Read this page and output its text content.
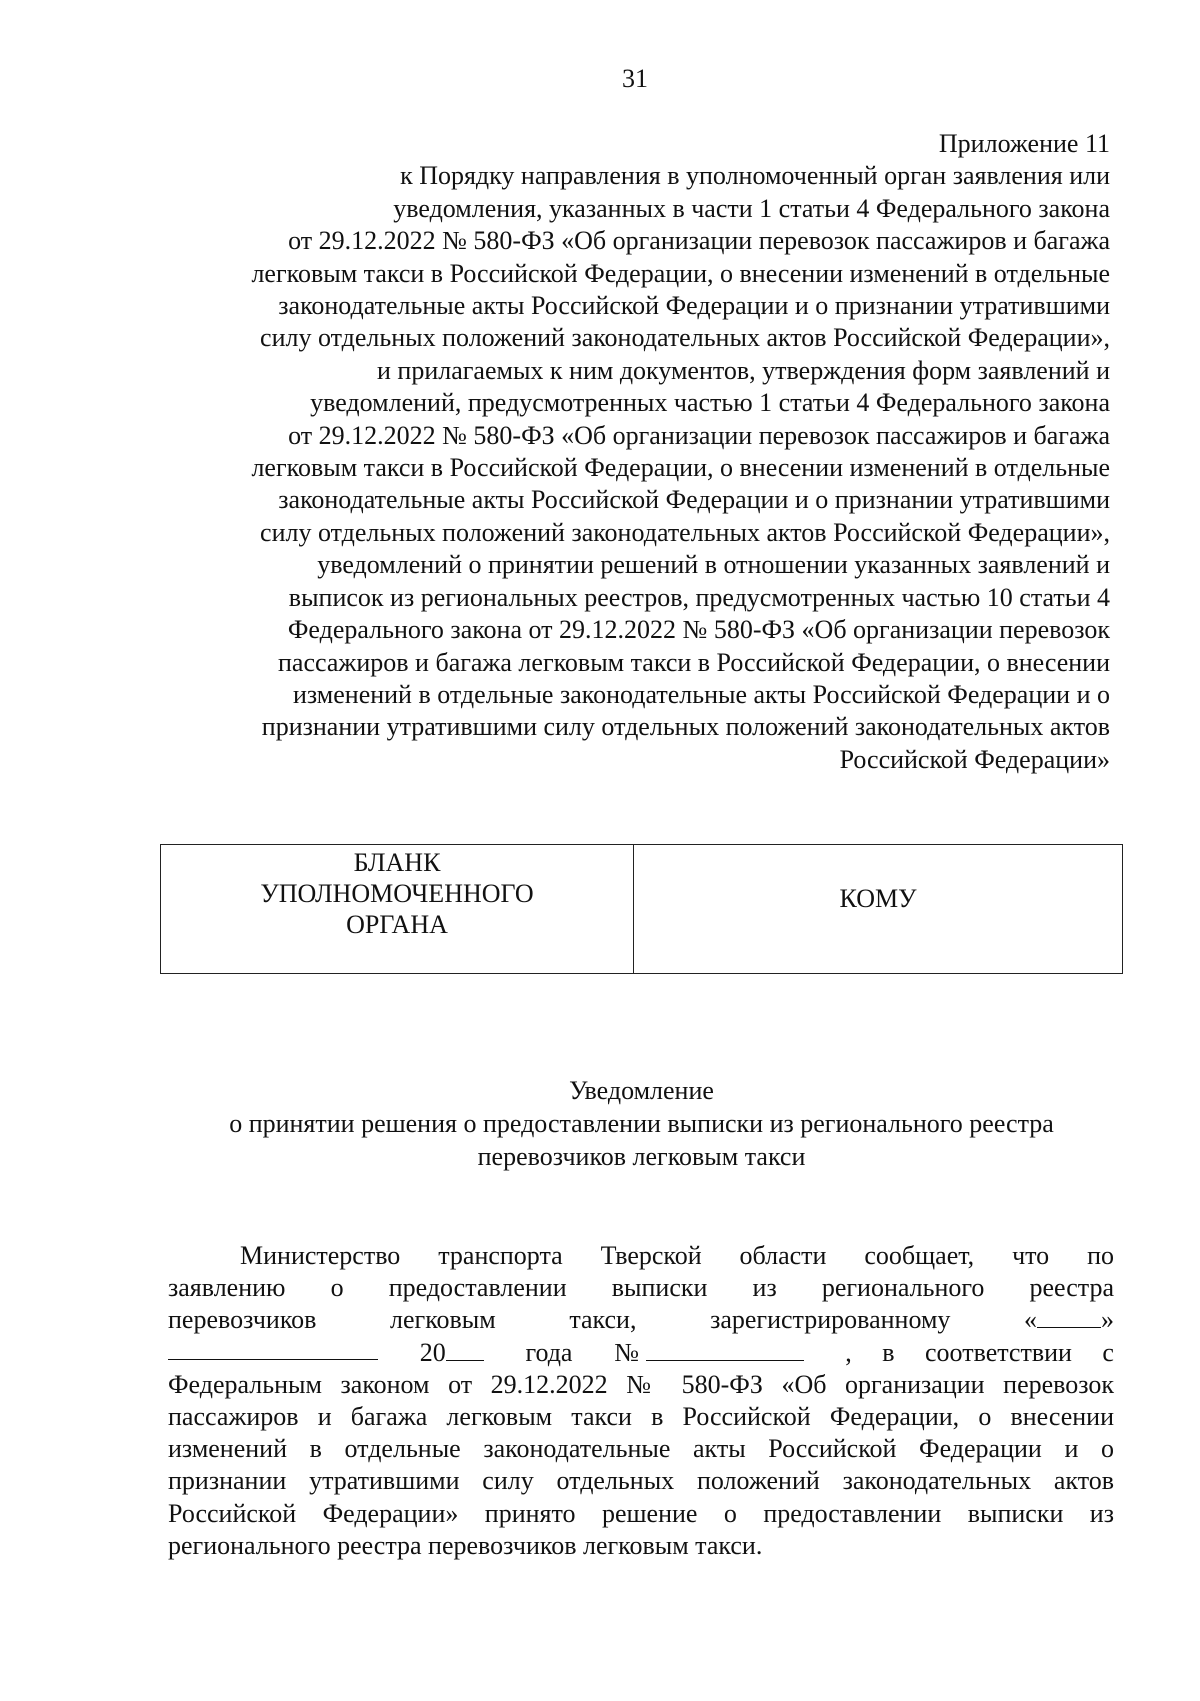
31
Приложение 11
к Порядку направления в уполномоченный орган заявления или
уведомления, указанных в части 1 статьи 4 Федерального закона
от 29.12.2022 № 580-ФЗ «Об организации перевозок пассажиров и багажа
легковым такси в Российской Федерации, о внесении изменений в отдельные
законодательные акты Российской Федерации и о признании утратившими
силу отдельных положений законодательных актов Российской Федерации»,
и прилагаемых к ним документов, утверждения форм заявлений и
уведомлений, предусмотренных частью 1 статьи 4 Федерального закона
от 29.12.2022 № 580-ФЗ «Об организации перевозок пассажиров и багажа
легковым такси в Российской Федерации, о внесении изменений в отдельные
законодательные акты Российской Федерации и о признании утратившими
силу отдельных положений законодательных актов Российской Федерации»,
уведомлений о принятии решений в отношении указанных заявлений и
выписок из региональных реестров, предусмотренных частью 10 статьи 4
Федерального закона от 29.12.2022 № 580-ФЗ «Об организации перевозок
пассажиров и багажа легковым такси в Российской Федерации, о внесении
изменений в отдельные законодательные акты Российской Федерации и о
признании утратившими силу отдельных положений законодательных актов
Российской Федерации»
БЛАНК
УПОЛНОМОЧЕННОГО
ОРГАНА
	КОМУ
Уведомление
о принятии решения о предоставлении выписки из регионального реестра
перевозчиков легковым такси
Министерство транспорта Тверской области сообщает, что по
заявлению о предоставлении выписки из регионального реестра
перевозчиков	легковым	такси,	зарегистрированному	« »
20	года №	, в соответствии с
Федеральным законом от 29.12.2022 № 580-ФЗ «Об организации перевозок
пассажиров и багажа легковым такси в Российской Федерации, о внесении
изменений в отдельные законодательные акты Российской Федерации и о
признании утратившими силу отдельных положений законодательных актов
Российской Федерации» принято решение о предоставлении выписки из
регионального реестра перевозчиков легковым такси.
